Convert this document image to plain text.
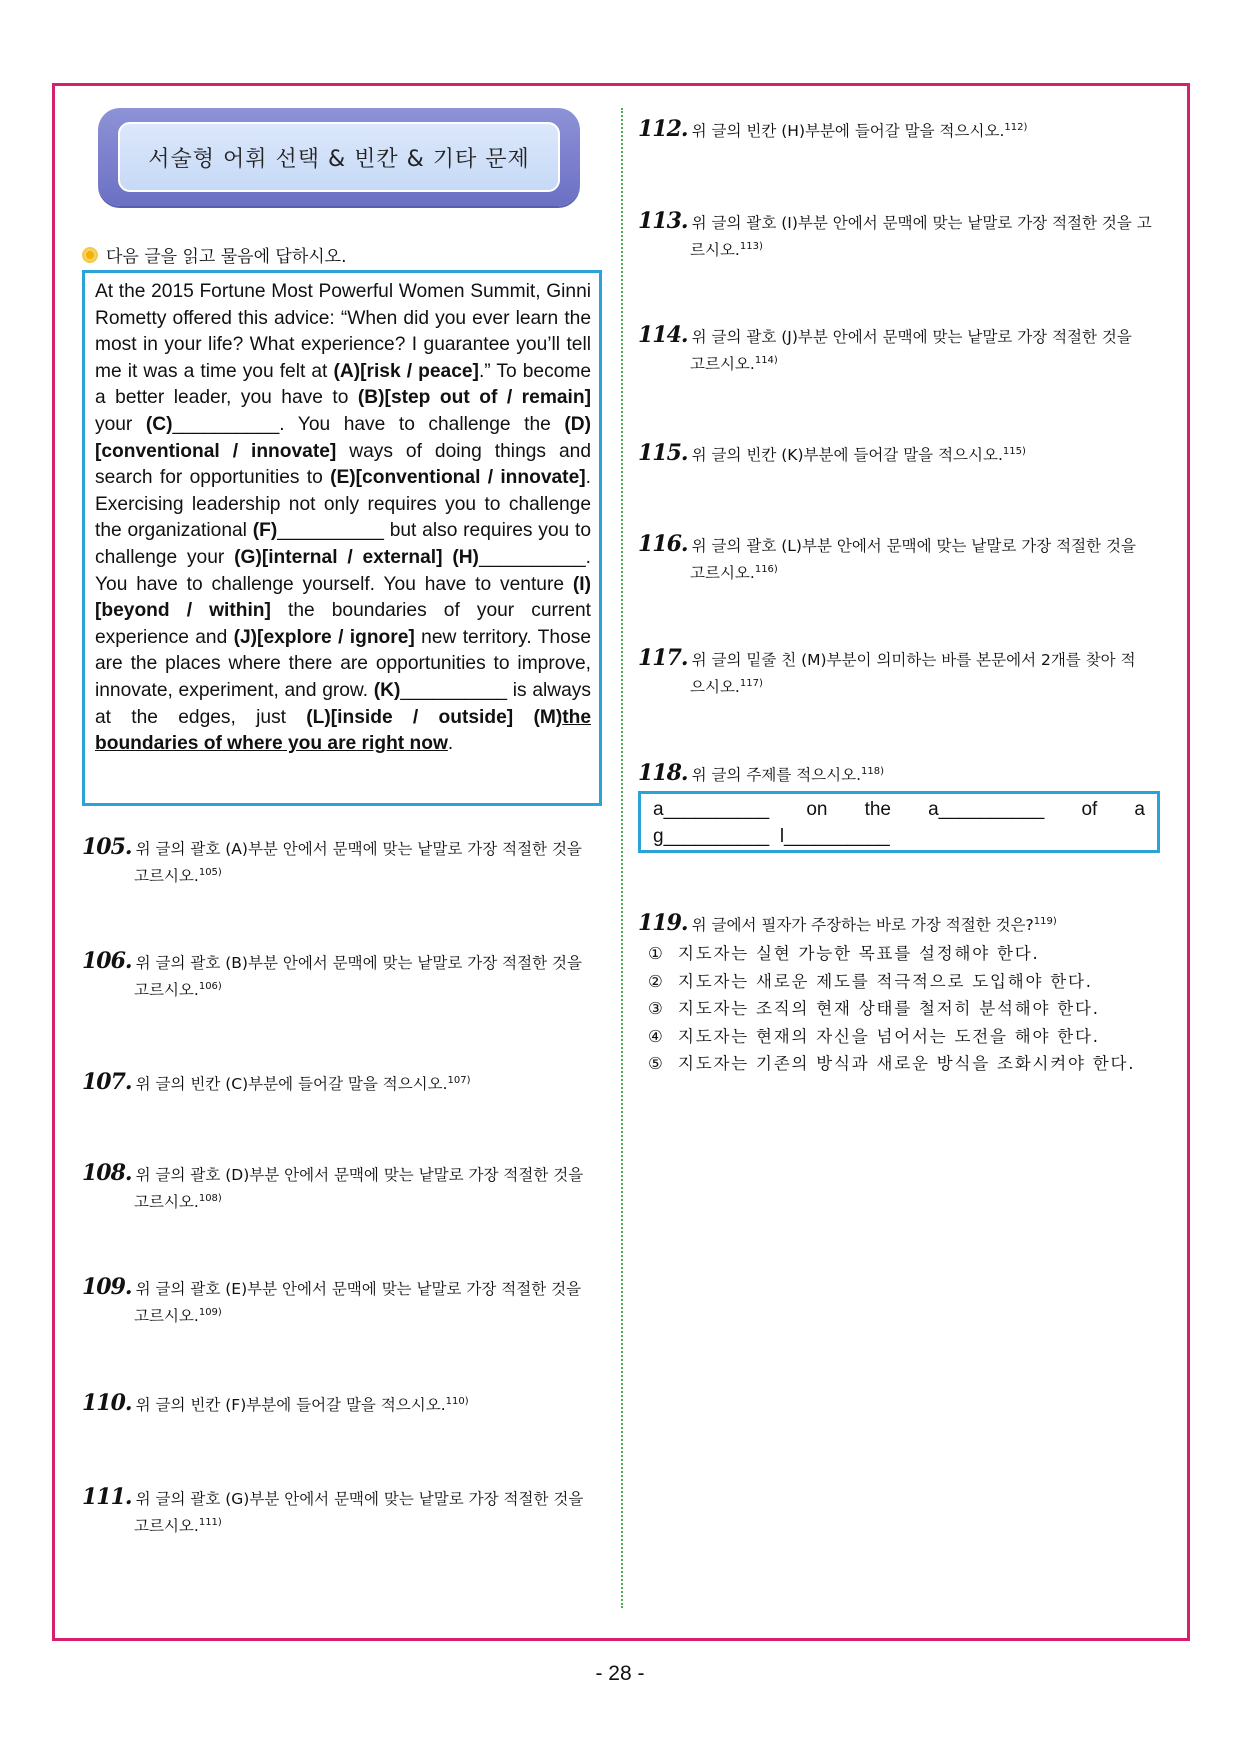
서술형 어휘 선택 & 빈칸 & 기타 문제
다음 글을 읽고 물음에 답하시오.
At the 2015 Fortune Most Powerful Women Summit, Ginni Rometty offered this advice: “When did you ever learn the most in your life? What experience? I guarantee you’ll tell me it was a time you felt at (A)[risk / peace].” To become a better leader, you have to (B)[step out of / remain] your (C)__________. You have to challenge the (D)[conventional / innovate] ways of doing things and search for opportunities to (E)[conventional / innovate]. Exercising leadership not only requires you to challenge the organizational (F)__________ but also requires you to challenge your (G)[internal / external] (H)__________. You have to challenge yourself. You have to venture (I)[beyond / within] the boundaries of your current experience and (J)[explore / ignore] new territory. Those are the places where there are opportunities to improve, innovate, experiment, and grow. (K)__________ is always at the edges, just (L)[inside / outside] (M)the boundaries of where you are right now.
105. 위 글의 괄호 (A)부분 안에서 문맥에 맞는 낱말로 가장 적절한 것을
고르시오.$^{105)}$
106. 위 글의 괄호 (B)부분 안에서 문맥에 맞는 낱말로 가장 적절한 것을
고르시오.$^{106)}$
107. 위 글의 빈칸 (C)부분에 들어갈 말을 적으시오.$^{107)}$
108. 위 글의 괄호 (D)부분 안에서 문맥에 맞는 낱말로 가장 적절한 것을
고르시오.$^{108)}$
109. 위 글의 괄호 (E)부분 안에서 문맥에 맞는 낱말로 가장 적절한 것을
고르시오.$^{109)}$
110. 위 글의 빈칸 (F)부분에 들어갈 말을 적으시오.$^{110)}$
111. 위 글의 괄호 (G)부분 안에서 문맥에 맞는 낱말로 가장 적절한 것을
고르시오.$^{111)}$
112. 위 글의 빈칸 (H)부분에 들어갈 말을 적으시오.$^{112)}$
113. 위 글의 괄호 (I)부분 안에서 문맥에 맞는 낱말로 가장 적절한 것을 고
르시오.$^{113)}$
114. 위 글의 괄호 (J)부분 안에서 문맥에 맞는 낱말로 가장 적절한 것을
고르시오.$^{114)}$
115. 위 글의 빈칸 (K)부분에 들어갈 말을 적으시오.$^{115)}$
116. 위 글의 괄호 (L)부분 안에서 문맥에 맞는 낱말로 가장 적절한 것을
고르시오.$^{116)}$
117. 위 글의 밑줄 친 (M)부분이 의미하는 바를 본문에서 2개를 찾아 적
으시오.$^{117)}$
118. 위 글의 주제를 적으시오.$^{118)}$
a__________ on the a__________ of a
g__________ l__________
119. 위 글에서 필자가 주장하는 바로 가장 적절한 것은?$^{119)}$
① 지도자는 실현 가능한 목표를 설정해야 한다.
② 지도자는 새로운 제도를 적극적으로 도입해야 한다.
③ 지도자는 조직의 현재 상태를 철저히 분석해야 한다.
④ 지도자는 현재의 자신을 넘어서는 도전을 해야 한다.
⑤ 지도자는 기존의 방식과 새로운 방식을 조화시켜야 한다.
- 28 -
